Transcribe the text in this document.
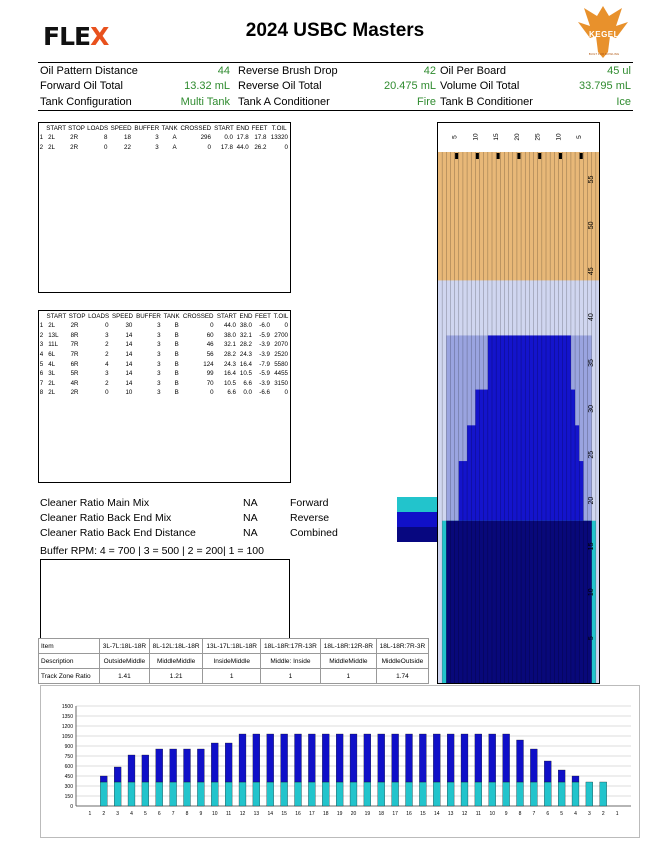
FLEX	2024 USBC Masters	KEGEL
BUILT FOR BOWLING
Oil Pattern Distance	44 Reverse Brush Drop	42 Oil Per Board	45 ul
Forward Oil Total	13.32 mL Reverse Oil Total	20.475 mL Volume Oil Total	33.795 mL
Tank Configuration	Multi Tank Tank A Conditioner	Fire Tank B Conditioner	Ice
	START	STOP	LOADS	SPEED	BUFFER	TANK	CROSSED	START	END	FEET	T.OIL
1	2L	2R	8	18	3	A	296	0.0	17.8	17.8	13320
2	2L	2R	0	22	3	A	0	17.8	44.0	26.2	0
	START	STOP	LOADS	SPEED	BUFFER	TANK	CROSSED	START	END	FEET	T.OIL
1	2L	2R	0	30	3	B	0	44.0	38.0	-6.0	0
2	13L	8R	3	14	3	B	60	38.0	32.1	-5.9	2700
3	11L	7R	2	14	3	B	46	32.1	28.2	-3.9	2070
4	6L	7R	2	14	3	B	56	28.2	24.3	-3.9	2520
5	4L	6R	4	14	3	B	124	24.3	16.4	-7.9	5580
6	3L	5R	3	14	3	B	99	16.4	10.5	-5.9	4455
7	2L	4R	2	14	3	B	70	10.5	6.6	-3.9	3150
8	2L	2R	0	10	3	B	0	6.6	0.0	-6.6	0
Cleaner Ratio Main Mix	NA	Forward
Cleaner Ratio Back End Mix	NA	Reverse
Cleaner Ratio Back End Distance	NA	Combined
Buffer RPM: 4 = 700 | 3 = 500 | 2 = 200| 1 = 100
Item	3L-7L:18L-18R	8L-12L:18L-18R	13L-17L:18L-18R	18L-18R:17R-13R	18L-18R:12R-8R	18L-18R:7R-3R
Description	OutsideMiddle	MiddleMiddle	InsideMiddle	Middle: Inside	MiddleMiddle	MiddleOutside
Track Zone Ratio	1.41	1.21	1	1	1	1.74
5 10 15 20 25 10 5
55
50
45
40
35
30
25
20
15
10
5
0
150
300
450
600
750
900
1050
1200
1350
1500
1 2 3 4 5 6 7 8 9 10 11 12 13 14 15 16 17 18 19 20 19 18 17 16 15 14 13 12 11 10 9 8 7 6 5 4 3 2 1
